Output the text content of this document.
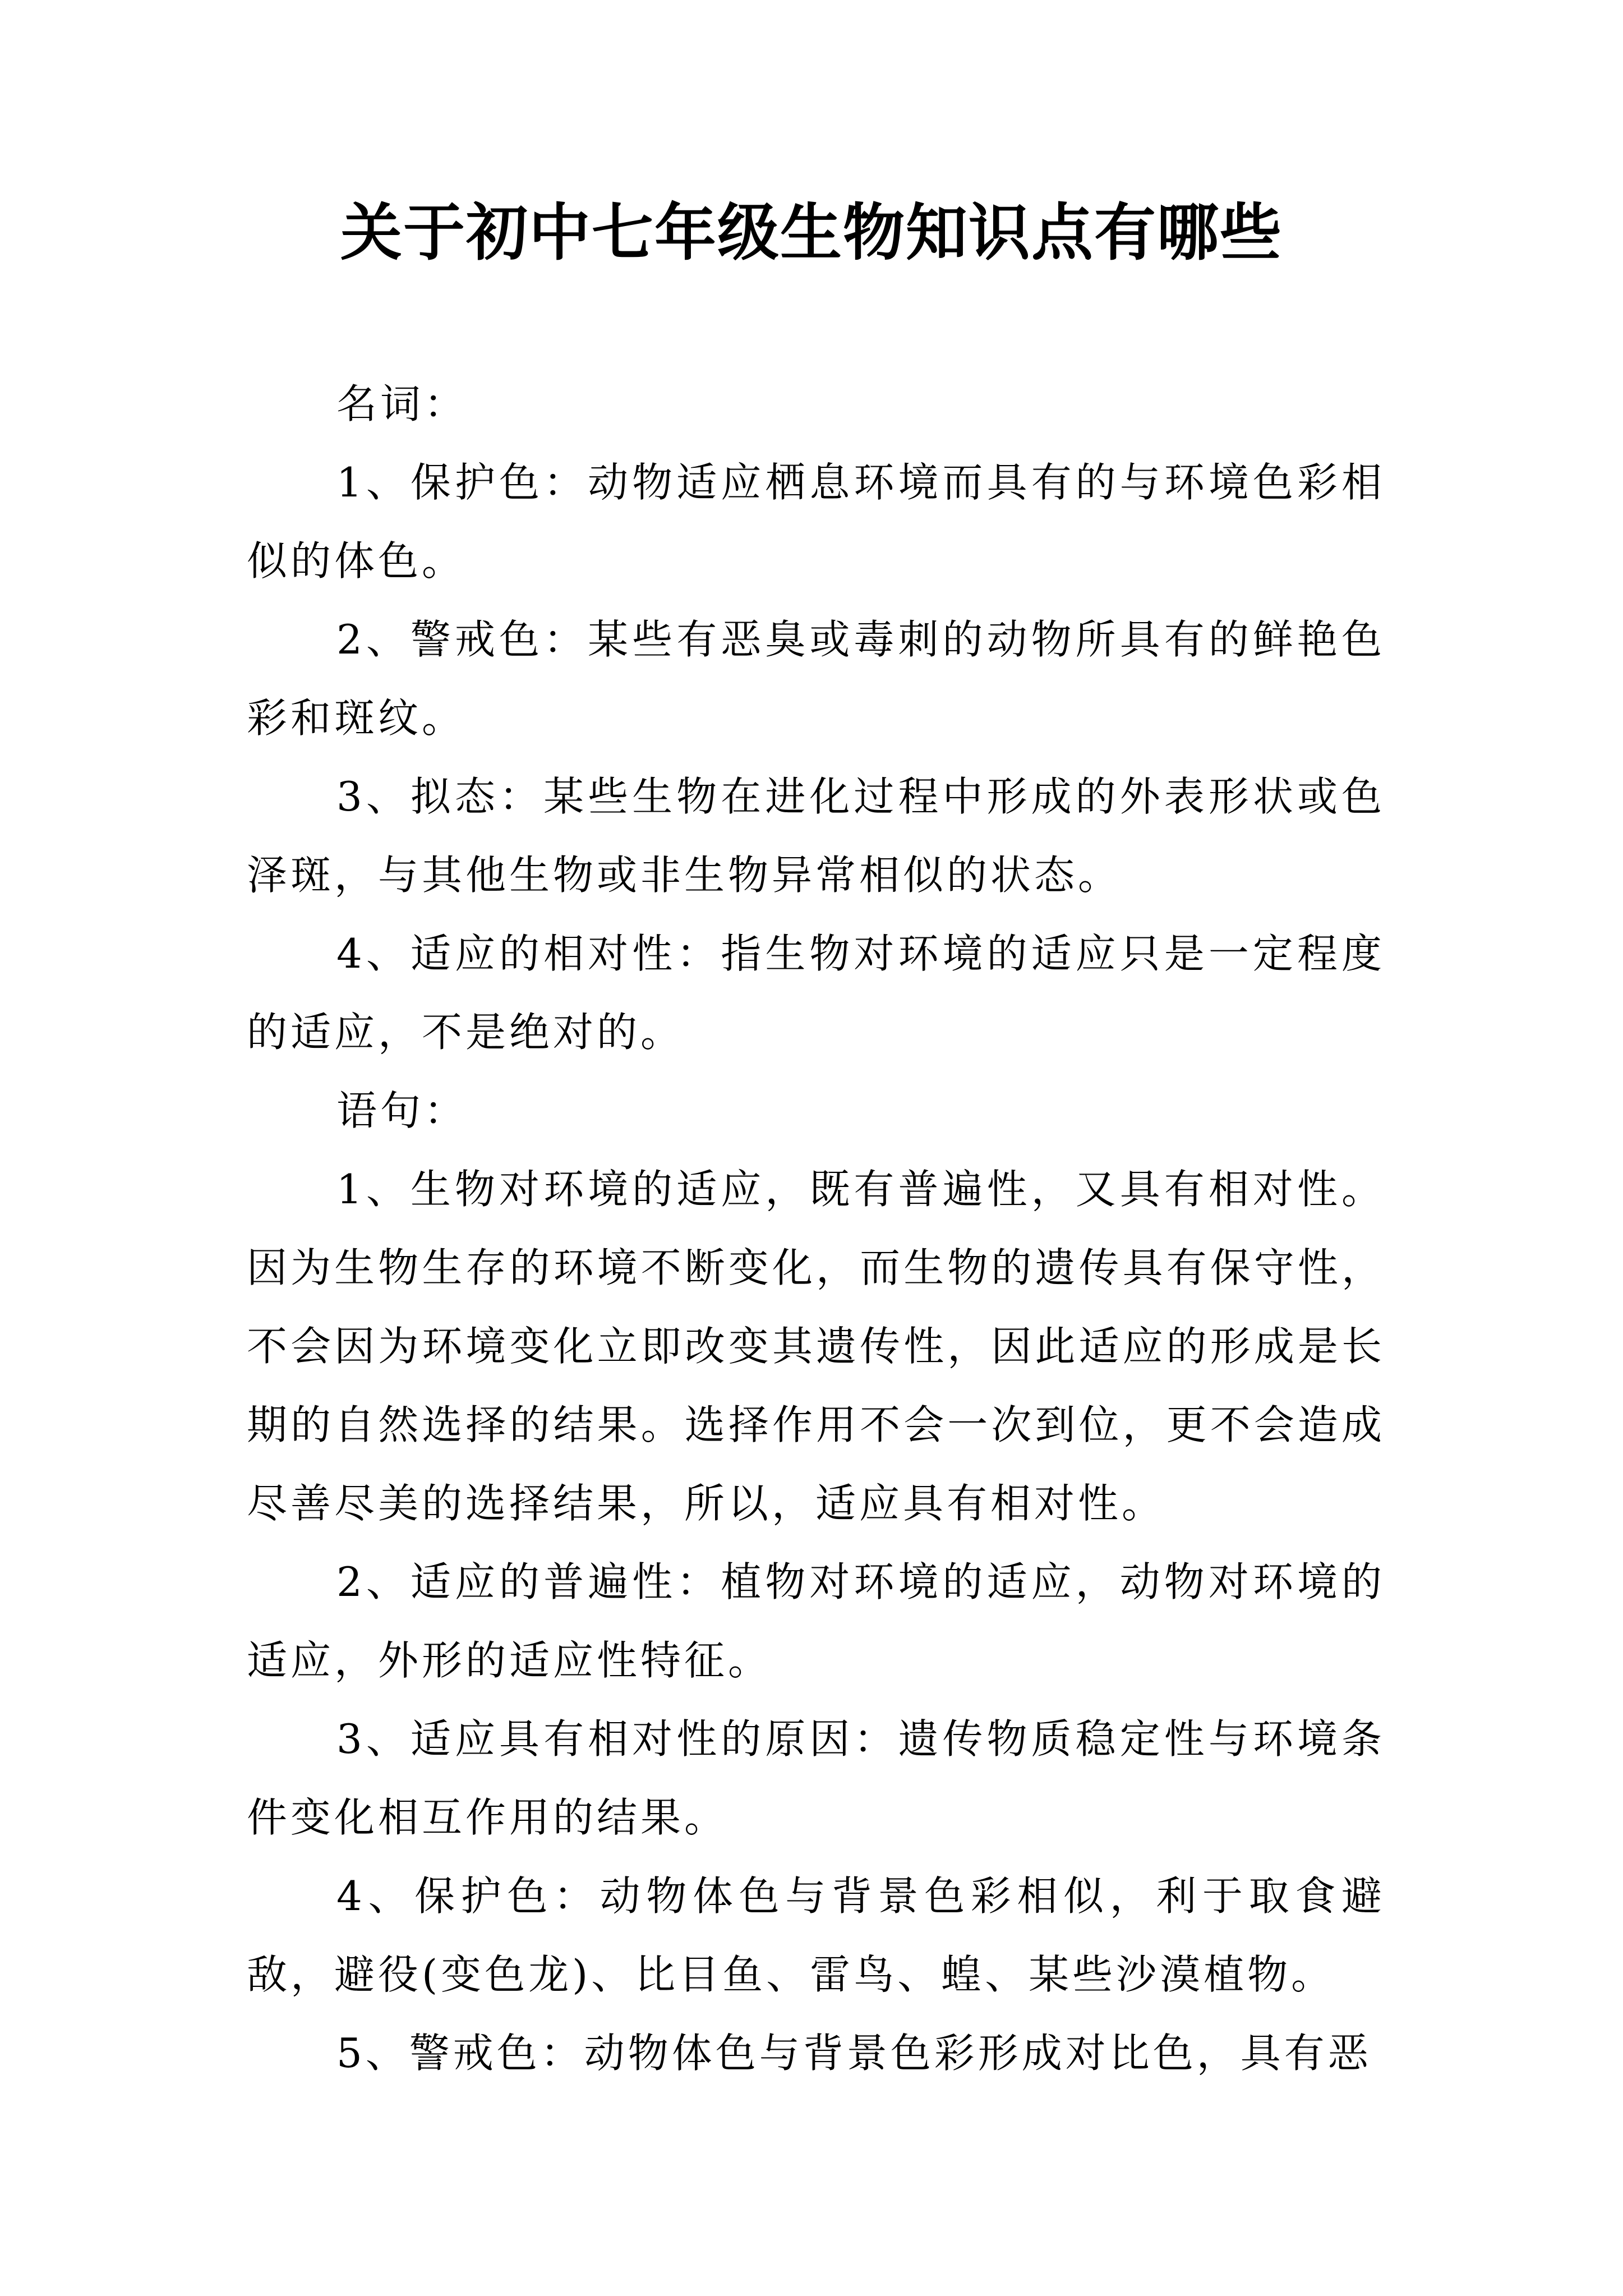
关于初中七年级生物知识点有哪些

名词：

1、保护色：动物适应栖息环境而具有的与环境色彩相似的体色。

2、警戒色：某些有恶臭或毒刺的动物所具有的鲜艳色彩和斑纹。

3、拟态：某些生物在进化过程中形成的外表形状或色泽斑，与其他生物或非生物异常相似的状态。

4、适应的相对性：指生物对环境的适应只是一定程度的适应，不是绝对的。

语句：

1、生物对环境的适应，既有普遍性，又具有相对性。因为生物生存的环境不断变化，而生物的遗传具有保守性，不会因为环境变化立即改变其遗传性，因此适应的形成是长期的自然选择的结果。选择作用不会一次到位，更不会造成尽善尽美的选择结果，所以，适应具有相对性。

2、适应的普遍性：植物对环境的适应，动物对环境的适应，外形的适应性特征。

3、适应具有相对性的原因：遗传物质稳定性与环境条件变化相互作用的结果。

4、保护色：动物体色与背景色彩相似，利于取食避敌，避役(变色龙)、比目鱼、雷鸟、蝗、某些沙漠植物。

5、警戒色：动物体色与背景色彩形成对比色，具有恶
